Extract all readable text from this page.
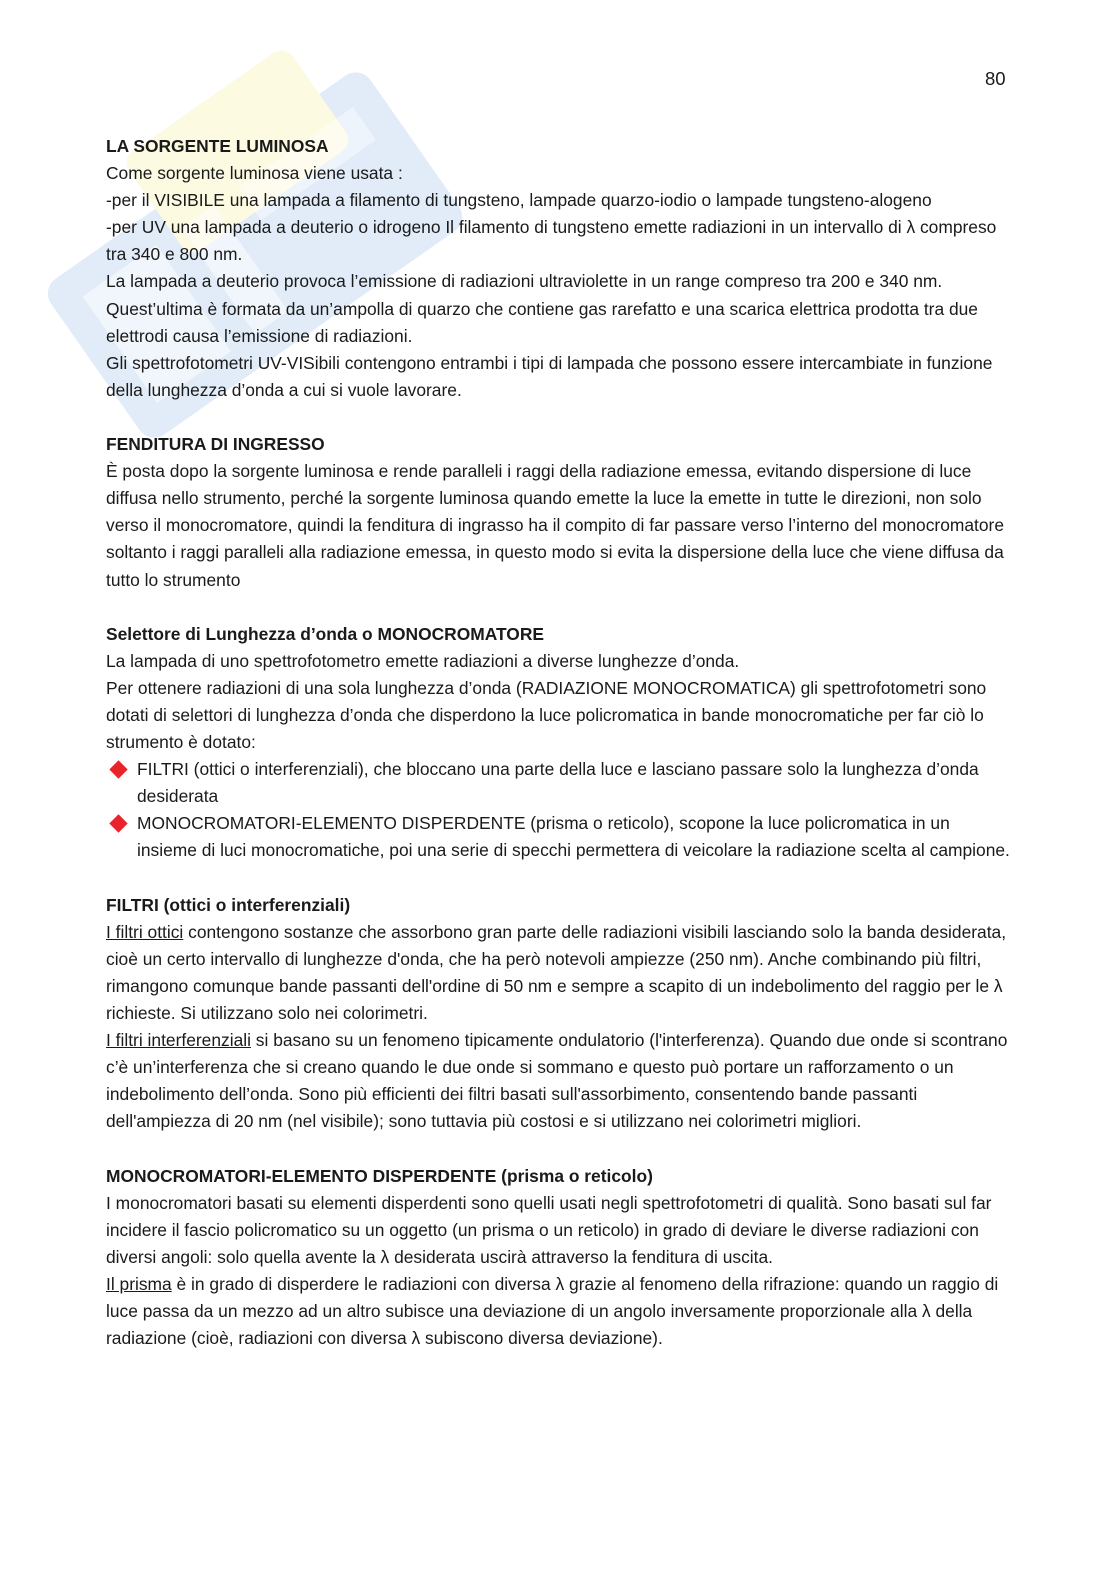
80
LA SORGENTE LUMINOSA

Come sorgente luminosa viene usata :

-per il VISIBILE una lampada a filamento di tungsteno, lampade quarzo-iodio o lampade tungsteno-alogeno

-per UV una lampada a deuterio o idrogeno Il filamento di tungsteno emette radiazioni in un intervallo di λ compreso tra 340 e 800 nm.

La lampada a deuterio provoca l’emissione di radiazioni ultraviolette in un range compreso tra 200 e 340 nm.

Quest’ultima è formata da un’ampolla di quarzo che contiene gas rarefatto e una scarica elettrica prodotta tra due elettrodi causa l’emissione di radiazioni.

Gli spettrofotometri UV-VISibili contengono entrambi i tipi di lampada che possono essere intercambiate in funzione della lunghezza d’onda a cui si vuole lavorare.

FENDITURA DI INGRESSO

È posta dopo la sorgente luminosa e rende paralleli i raggi della radiazione emessa, evitando dispersione di luce diffusa nello strumento, perché la sorgente luminosa quando emette la luce la emette in tutte le direzioni, non solo verso il monocromatore, quindi la fenditura di ingrasso ha il compito di far passare verso l’interno del monocromatore soltanto i raggi paralleli alla radiazione emessa, in questo modo si evita la dispersione della luce che viene diffusa da tutto lo strumento

Selettore di Lunghezza d’onda o MONOCROMATORE

La lampada di uno spettrofotometro emette radiazioni a diverse lunghezze d’onda.

Per ottenere radiazioni di una sola lunghezza d’onda (RADIAZIONE MONOCROMATICA) gli spettrofotometri sono dotati di selettori di lunghezza d’onda che disperdono la luce policromatica in bande monocromatiche per far ciò lo strumento è dotato:

FILTRI (ottici o interferenziali), che bloccano una parte della luce e lasciano passare solo la lunghezza d’onda desiderata
MONOCROMATORI-ELEMENTO DISPERDENTE (prisma o reticolo), scopone la luce policromatica in un insieme di luci monocromatiche, poi una serie di specchi permettera di veicolare la radiazione scelta al campione.
FILTRI (ottici o interferenziali)

I filtri ottici contengono sostanze che assorbono gran parte delle radiazioni visibili lasciando solo la banda desiderata, cioè un certo intervallo di lunghezze d'onda, che ha però notevoli ampiezze (250 nm). Anche combinando più filtri, rimangono comunque bande passanti dell'ordine di 50 nm e sempre a scapito di un indebolimento del raggio per le λ richieste. Si utilizzano solo nei colorimetri.

I filtri interferenziali si basano su un fenomeno tipicamente ondulatorio (l'interferenza). Quando due onde si scontrano c’è un’interferenza che si creano quando le due onde si sommano e questo può portare un rafforzamento o un indebolimento dell’onda. Sono più efficienti dei filtri basati sull'assorbimento, consentendo bande passanti dell'ampiezza di 20 nm (nel visibile); sono tuttavia più costosi e si utilizzano nei colorimetri migliori.

MONOCROMATORI-ELEMENTO DISPERDENTE (prisma o reticolo)

I monocromatori basati su elementi disperdenti sono quelli usati negli spettrofotometri di qualità. Sono basati sul far incidere il fascio policromatico su un oggetto (un prisma o un reticolo) in grado di deviare le diverse radiazioni con diversi angoli: solo quella avente la λ desiderata uscirà attraverso la fenditura di uscita.

Il prisma è in grado di disperdere le radiazioni con diversa λ grazie al fenomeno della rifrazione: quando un raggio di luce passa da un mezzo ad un altro subisce una deviazione di un angolo inversamente proporzionale alla λ della radiazione (cioè, radiazioni con diversa λ subiscono diversa deviazione).
